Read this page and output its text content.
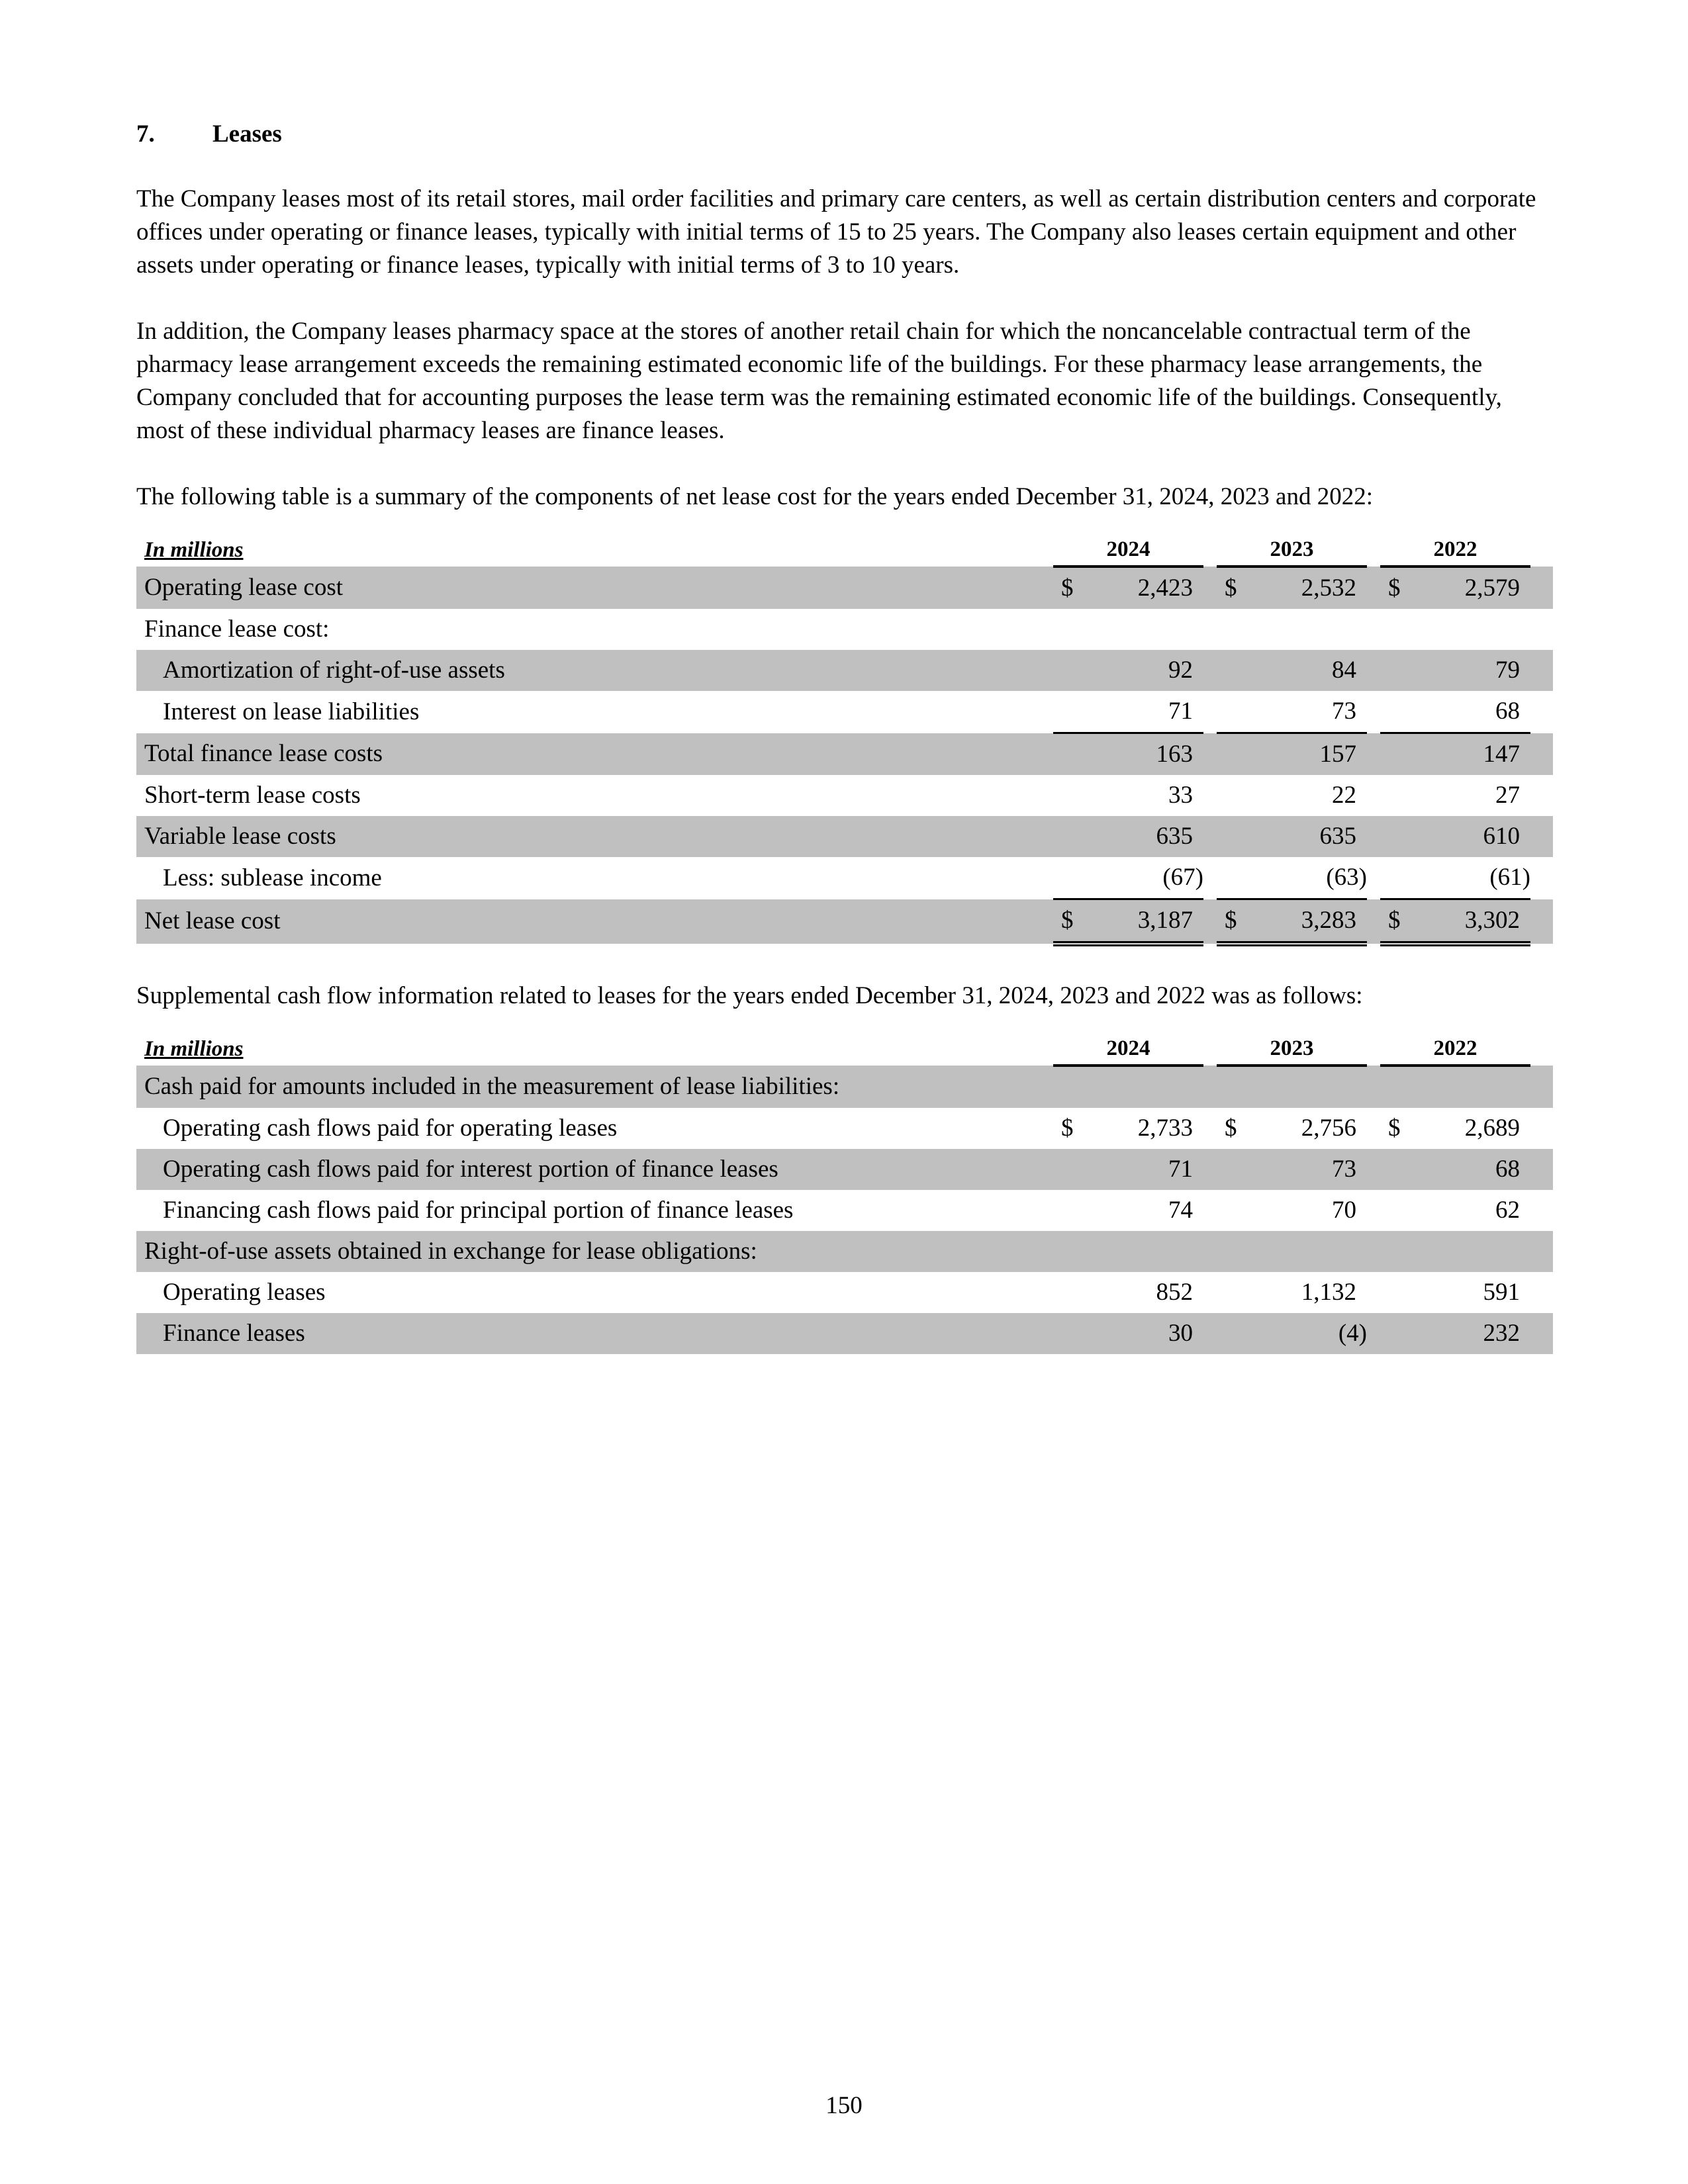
7. Leases

The Company leases most of its retail stores, mail order facilities and primary care centers, as well as certain distribution centers and corporate offices under operating or finance leases, typically with initial terms of 15 to 25 years. The Company also leases certain equipment and other assets under operating or finance leases, typically with initial terms of 3 to 10 years.

In addition, the Company leases pharmacy space at the stores of another retail chain for which the noncancelable contractual term of the pharmacy lease arrangement exceeds the remaining estimated economic life of the buildings. For these pharmacy lease arrangements, the Company concluded that for accounting purposes the lease term was the remaining estimated economic life of the buildings. Consequently, most of these individual pharmacy leases are finance leases.

The following table is a summary of the components of net lease cost for the years ended December 31, 2024, 2023 and 2022:

In millions	2024			2023			2022		
Operating lease cost	$	2,423		$	2,532		$	2,579	
Finance lease cost:									
Amortization of right-of-use assets		92			84			79	
Interest on lease liabilities		71			73			68	
Total finance lease costs		163			157			147	
Short-term lease costs		33			22			27	
Variable lease costs		635			635			610	
Less: sublease income		(67)			(63)			(61)	
Net lease cost	$	3,187		$	3,283		$	3,302	

Supplemental cash flow information related to leases for the years ended December 31, 2024, 2023 and 2022 was as follows:

In millions	2024			2023			2022		
Cash paid for amounts included in the measurement of lease liabilities:									
Operating cash flows paid for operating leases	$	2,733		$	2,756		$	2,689	
Operating cash flows paid for interest portion of finance leases		71			73			68	
Financing cash flows paid for principal portion of finance leases		74			70			62	
Right-of-use assets obtained in exchange for lease obligations:									
Operating leases		852			1,132			591	
Finance leases		30			(4)			232	
150
